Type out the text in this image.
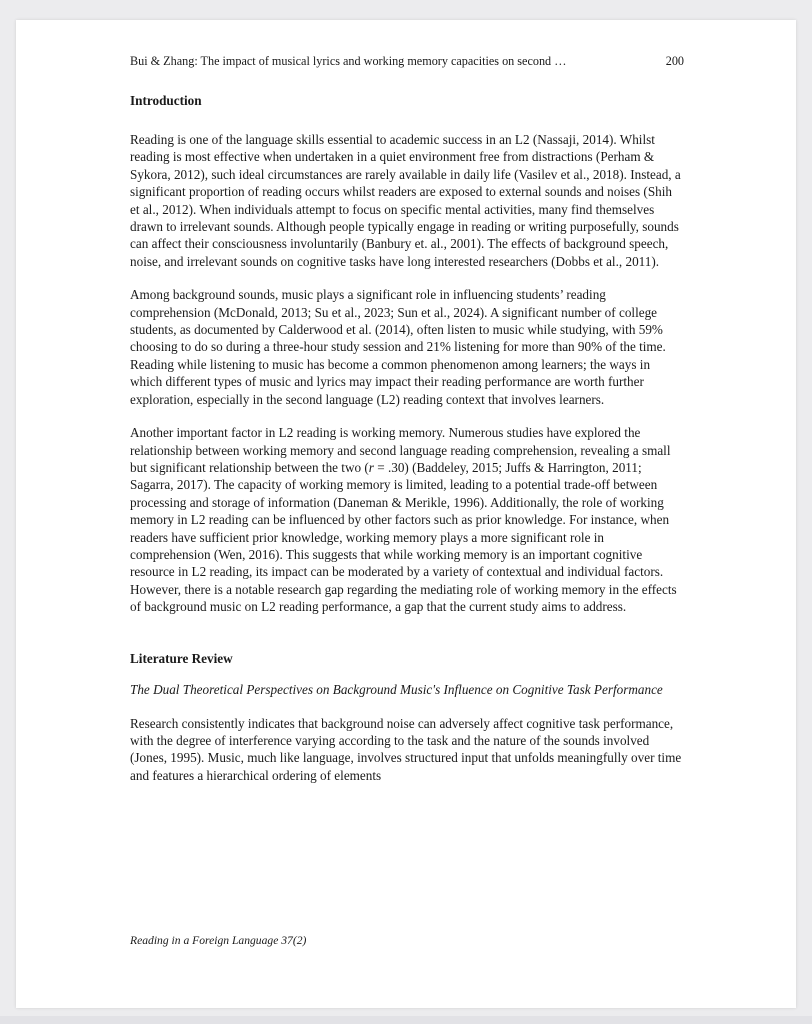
Bui & Zhang: The impact of musical lyrics and working memory capacities on second …	200
Introduction

Reading is one of the language skills essential to academic success in an L2 (Nassaji, 2014). Whilst reading is most effective when undertaken in a quiet environment free from distractions (Perham & Sykora, 2012), such ideal circumstances are rarely available in daily life (Vasilev et al., 2018). Instead, a significant proportion of reading occurs whilst readers are exposed to external sounds and noises (Shih et al., 2012). When individuals attempt to focus on specific mental activities, many find themselves drawn to irrelevant sounds. Although people typically engage in reading or writing purposefully, sounds can affect their consciousness involuntarily (Banbury et. al., 2001). The effects of background speech, noise, and irrelevant sounds on cognitive tasks have long interested researchers (Dobbs et al., 2011).

Among background sounds, music plays a significant role in influencing students’ reading comprehension (McDonald, 2013; Su et al., 2023; Sun et al., 2024). A significant number of college students, as documented by Calderwood et al. (2014), often listen to music while studying, with 59% choosing to do so during a three-hour study session and 21% listening for more than 90% of the time. Reading while listening to music has become a common phenomenon among learners; the ways in which different types of music and lyrics may impact their reading performance are worth further exploration, especially in the second language (L2) reading context that involves learners.

Another important factor in L2 reading is working memory. Numerous studies have explored the relationship between working memory and second language reading comprehension, revealing a small but significant relationship between the two (r = .30) (Baddeley, 2015; Juffs & Harrington, 2011; Sagarra, 2017). The capacity of working memory is limited, leading to a potential trade-off between processing and storage of information (Daneman & Merikle, 1996). Additionally, the role of working memory in L2 reading can be influenced by other factors such as prior knowledge. For instance, when readers have sufficient prior knowledge, working memory plays a more significant role in comprehension (Wen, 2016). This suggests that while working memory is an important cognitive resource in L2 reading, its impact can be moderated by a variety of contextual and individual factors. However, there is a notable research gap regarding the mediating role of working memory in the effects of background music on L2 reading performance, a gap that the current study aims to address.

Literature Review
The Dual Theoretical Perspectives on Background Music's Influence on Cognitive Task Performance

Research consistently indicates that background noise can adversely affect cognitive task performance, with the degree of interference varying according to the task and the nature of the sounds involved (Jones, 1995). Music, much like language, involves structured input that unfolds meaningfully over time and features a hierarchical ordering of elements

Reading in a Foreign Language 37(2)
